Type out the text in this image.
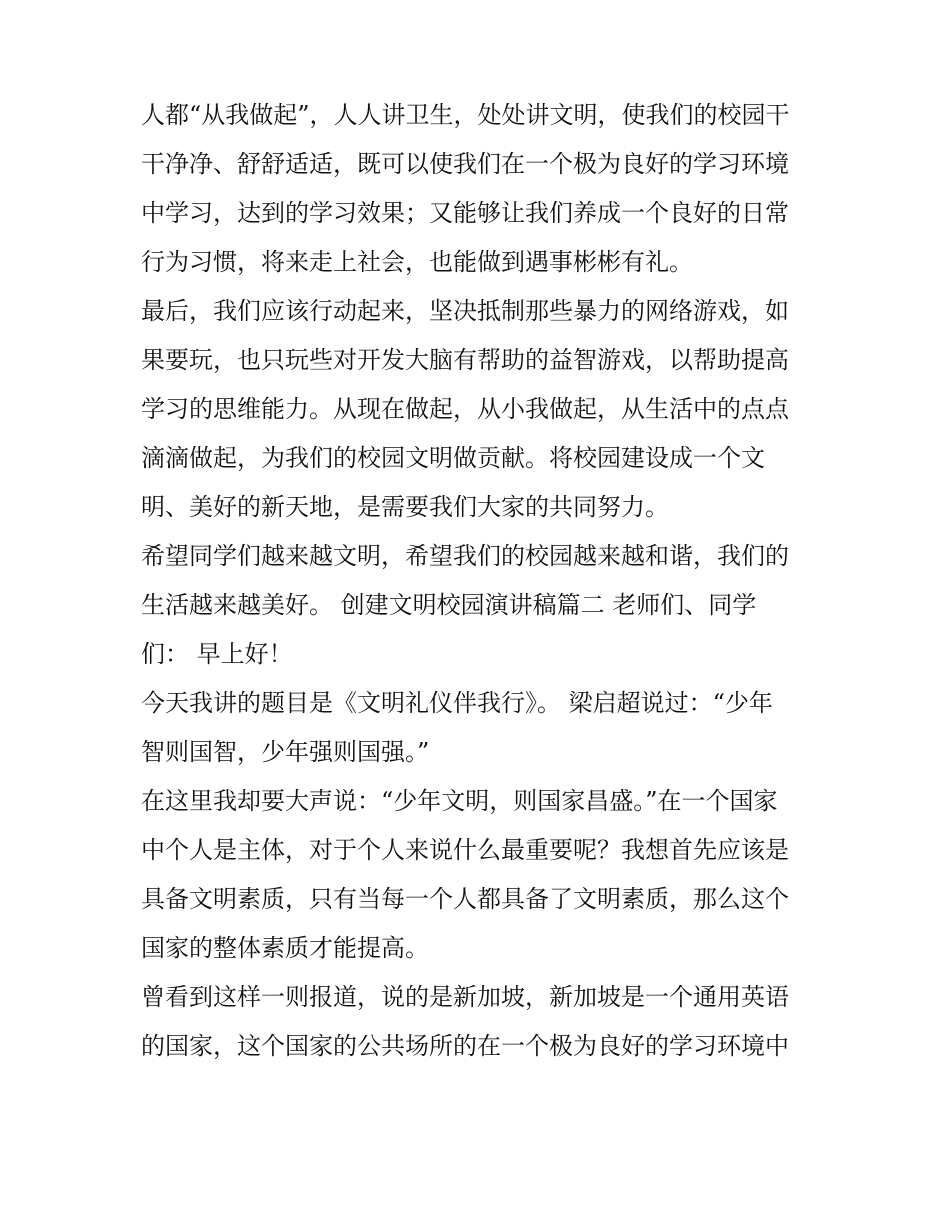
人都“从我做起”，人人讲卫生，处处讲文明，使我们的校园干
干净净、舒舒适适，既可以使我们在一个极为良好的学习环境
中学习，达到的学习效果；又能够让我们养成一个良好的日常
行为习惯，将来走上社会，也能做到遇事彬彬有礼。
最后，我们应该行动起来，坚决抵制那些暴力的网络游戏，如
果要玩，也只玩些对开发大脑有帮助的益智游戏，以帮助提高
学习的思维能力。从现在做起，从小我做起，从生活中的点点
滴滴做起，为我们的校园文明做贡献。将校园建设成一个文
明、美好的新天地，是需要我们大家的共同努力。
希望同学们越来越文明，希望我们的校园越来越和谐，我们的
生活越来越美好。 创建文明校园演讲稿篇二 老师们、同学
们： 早上好！
今天我讲的题目是《文明礼仪伴我行》。 梁启超说过：“少年
智则国智，少年强则国强。”
在这里我却要大声说：“少年文明，则国家昌盛。”在一个国家
中个人是主体，对于个人来说什么最重要呢？我想首先应该是
具备文明素质，只有当每一个人都具备了文明素质，那么这个
国家的整体素质才能提高。
曾看到这样一则报道，说的是新加坡，新加坡是一个通用英语
的国家，这个国家的公共场所的在一个极为良好的学习环境中
